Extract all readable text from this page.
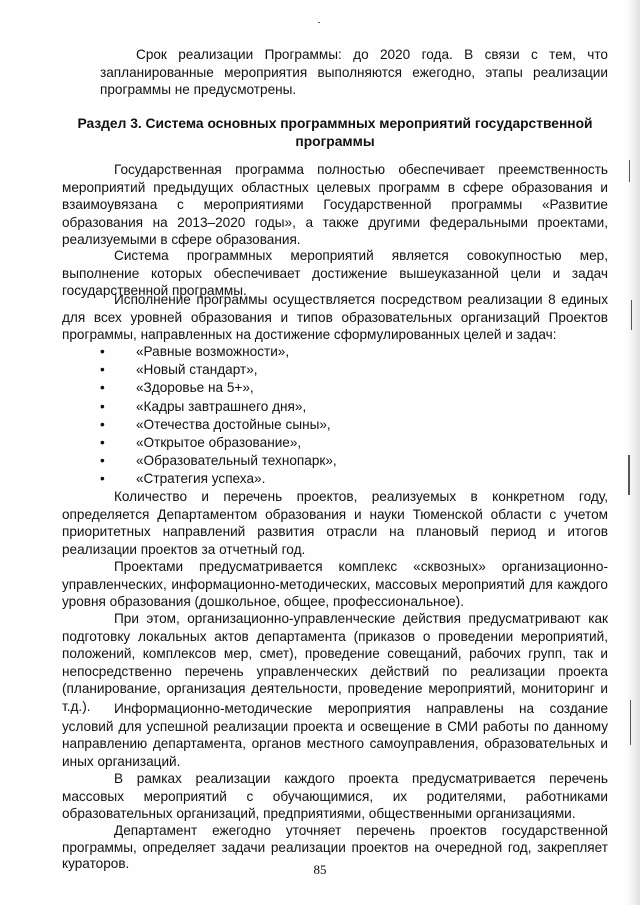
Срок реализации Программы: до 2020 года. В связи с тем, что запланированные мероприятия выполняются ежегодно, этапы реализации программы не предусмотрены.

Раздел 3. Система основных программных мероприятий государственной программы

Государственная программа полностью обеспечивает преемственность мероприятий предыдущих областных целевых программ в сфере образования и взаимоувязана с мероприятиями Государственной программы «Развитие образования на 2013–2020 годы», а также другими федеральными проектами, реализуемыми в сфере образования.

Система программных мероприятий является совокупностью мер, выполнение которых обеспечивает достижение вышеуказанной цели и задач государственной программы.

Исполнение программы осуществляется посредством реализации 8 единых для всех уровней образования и типов образовательных организаций Проектов программы, направленных на достижение сформулированных целей и задач:

• «Равные возможности»,
• «Новый стандарт»,
• «Здоровье на 5+»,
• «Кадры завтрашнего дня»,
• «Отечества достойные сыны»,
• «Открытое образование»,
• «Образовательный технопарк»,
• «Стратегия успеха».

Количество и перечень проектов, реализуемых в конкретном году, определяется Департаментом образования и науки Тюменской области с учетом приоритетных направлений развития отрасли на плановый период и итогов реализации проектов за отчетный год.

Проектами предусматривается комплекс «сквозных» организационно-управленческих, информационно-методических, массовых мероприятий для каждого уровня образования (дошкольное, общее, профессиональное).

При этом, организационно-управленческие действия предусматривают как подготовку локальных актов департамента (приказов о проведении мероприятий, положений, комплексов мер, смет), проведение совещаний, рабочих групп, так и непосредственно перечень управленческих действий по реализации проекта (планирование, организация деятельности, проведение мероприятий, мониторинг и т.д.).	Информационно-методические мероприятия направлены на создание условий для успешной реализации проекта и освещение в СМИ работы по данному направлению департамента, органов местного самоуправления, образовательных и иных организаций.

В рамках реализации каждого проекта предусматривается перечень массовых мероприятий с обучающимися, их родителями, работниками образовательных организаций, предприятиями, общественными организациями.

Департамент ежегодно уточняет перечень проектов государственной программы, определяет задачи реализации проектов на очередной год, закрепляет кураторов.	85
